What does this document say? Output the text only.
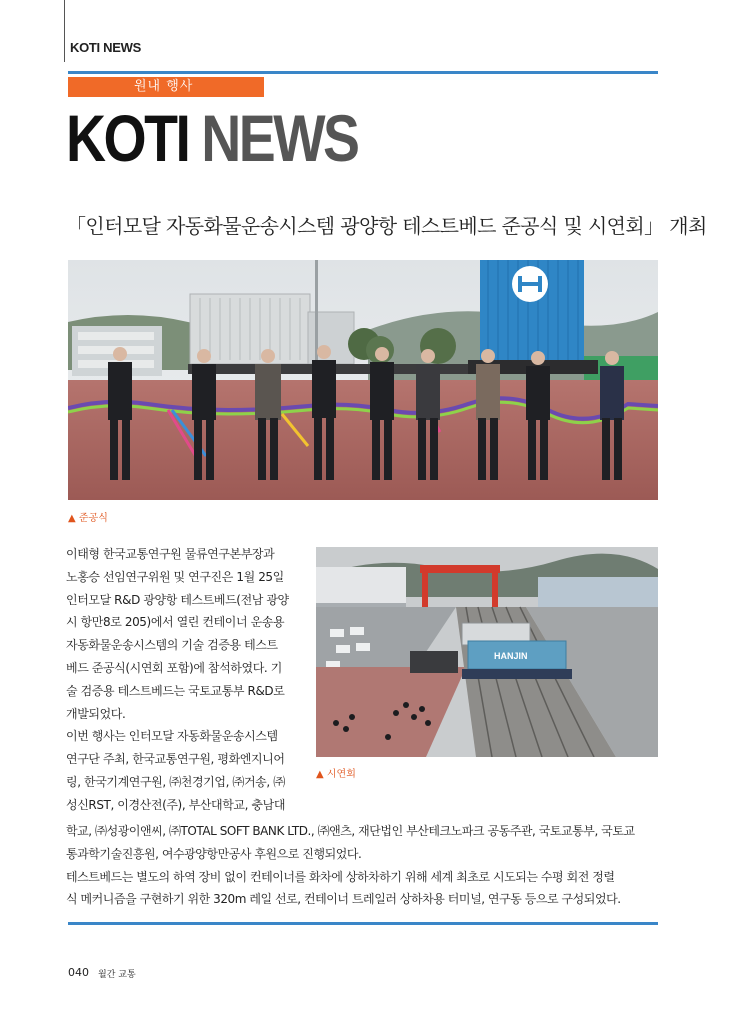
KOTI NEWS
원내 행사
KOTI NEWS
「인터모달 자동화물운송시스템 광양항 테스트베드 준공식 및 시연회」 개최
▲ 준공식
HANJIN
▲ 시연회

이태형 한국교통연구원 물류연구본부장과

노홍승 선임연구위원 및 연구진은 1월 25일

인터모달 R&D 광양항 테스트베드(전남 광양

시 항만8로 205)에서 열린 컨테이너 운송용

자동화물운송시스템의 기술 검증용 테스트

베드 준공식(시연회 포함)에 참석하였다. 기

술 검증용 테스트베드는 국토교통부 R&D로

개발되었다.

이번 행사는 인터모달 자동화물운송시스템

연구단 주최, 한국교통연구원, 평화엔지니어

링, 한국기계연구원, ㈜천경기업, ㈜거송, ㈜

성신RST, 이경산전(주), 부산대학교, 충남대

학교, ㈜성광이앤씨, ㈜TOTAL SOFT BANK LTD., ㈜앤츠, 재단법인 부산테크노파크 공동주관, 국토교통부, 국토교

통과학기술진흥원, 여수광양항만공사 후원으로 진행되었다.

테스트베드는 별도의 하역 장비 없이 컨테이너를 화차에 상하차하기 위해 세계 최초로 시도되는 수평 회전 정렬

식 메커니즘을 구현하기 위한 320m 레일 선로, 컨테이너 트레일러 상하차용 터미널, 연구동 등으로 구성되었다.

040 월간 교통
